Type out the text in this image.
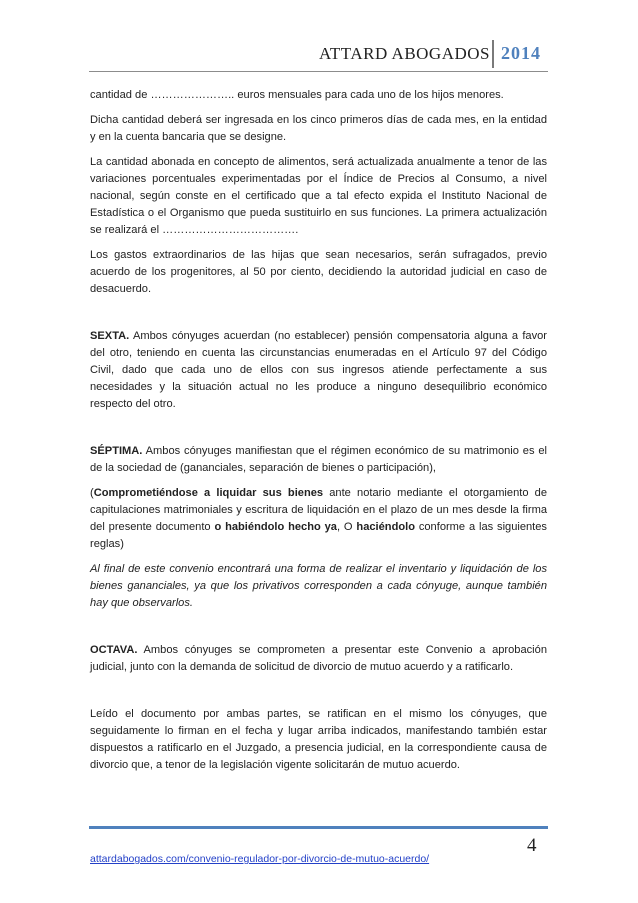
ATTARD ABOGADOS 2014

cantidad de ………………….. euros mensuales para cada uno de los hijos menores.

Dicha cantidad deberá ser ingresada en los cinco primeros días de cada mes, en la entidad y en la cuenta bancaria que se designe.

La cantidad abonada en concepto de alimentos, será actualizada anualmente a tenor de las variaciones porcentuales experimentadas por el Índice de Precios al Consumo, a nivel nacional, según conste en el certificado que a tal efecto expida el Instituto Nacional de Estadística o el Organismo que pueda sustituirlo en sus funciones. La primera actualización se realizará el ……………………………….

Los gastos extraordinarios de las hijas que sean necesarios, serán sufragados, previo acuerdo de los progenitores, al 50 por ciento, decidiendo la autoridad judicial en caso de desacuerdo.

SEXTA. Ambos cónyuges acuerdan (no establecer) pensión compensatoria alguna a favor del otro, teniendo en cuenta las circunstancias enumeradas en el Artículo 97 del Código Civil, dado que cada uno de ellos con sus ingresos atiende perfectamente a sus necesidades y la situación actual no les produce a ninguno desequilibrio económico respecto del otro.

SÉPTIMA. Ambos cónyuges manifiestan que el régimen económico de su matrimonio es el de la sociedad de (gananciales, separación de bienes o participación),

(Comprometiéndose a liquidar sus bienes ante notario mediante el otorgamiento de capitulaciones matrimoniales y escritura de liquidación en el plazo de un mes desde la firma del presente documento o habiéndolo hecho ya, O haciéndolo conforme a las siguientes reglas)

Al final de este convenio encontrará una forma de realizar el inventario y liquidación de los bienes gananciales, ya que los privativos corresponden a cada cónyuge, aunque también hay que observarlos.

OCTAVA. Ambos cónyuges se comprometen a presentar este Convenio a aprobación judicial, junto con la demanda de solicitud de divorcio de mutuo acuerdo y a ratificarlo.

Leído el documento por ambas partes, se ratifican en el mismo los cónyuges, que seguidamente lo firman en el fecha y lugar arriba indicados, manifestando también estar dispuestos a ratificarlo en el Juzgado, a presencia judicial, en la correspondiente causa de divorcio que, a tenor de la legislación vigente solicitarán de mutuo acuerdo.

4
attardabogados.com/convenio-regulador-por-divorcio-de-mutuo-acuerdo/
